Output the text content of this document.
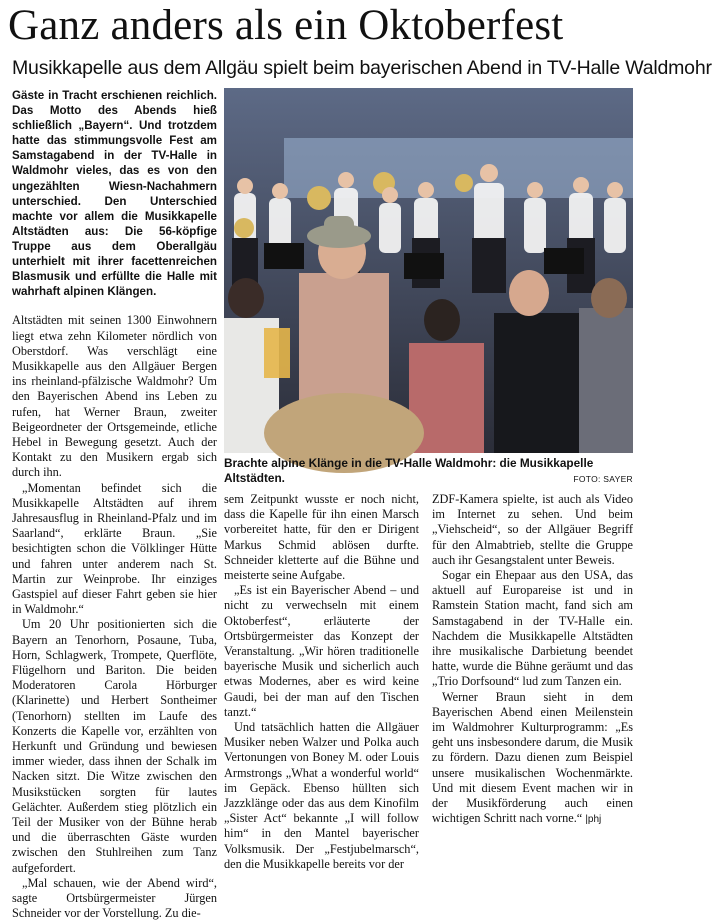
Ganz anders als ein Oktoberfest
Musikkapelle aus dem Allgäu spielt beim bayerischen Abend in TV-Halle Waldmohr

Gäste in Tracht erschienen reichlich. Das Motto des Abends hieß schließlich „Bayern“. Und trotzdem hatte das stimmungsvolle Fest am Samstagabend in der TV-Halle in Waldmohr vieles, das es von den ungezählten Wiesn-Nachahmern unterschied. Den Unterschied machte vor allem die Musikkapelle Altstädten aus: Die 56-köpfige Truppe aus dem Oberallgäu unterhielt mit ihrer facettenreichen Blasmusik und erfüllte die Halle mit wahrhaft alpinen Klängen.

Altstädten mit seinen 1300 Einwohnern liegt etwa zehn Kilometer nördlich von Oberstdorf. Was verschlägt eine Musikkapelle aus den Allgäuer Bergen ins rheinland-pfälzische Waldmohr? Um den Bayerischen Abend ins Leben zu rufen, hat Werner Braun, zweiter Beigeordneter der Ortsgemeinde, etliche Hebel in Bewegung gesetzt. Auch der Kontakt zu den Musikern ergab sich durch ihn.

„Momentan befindet sich die Musikkapelle Altstädten auf ihrem Jahresausflug in Rheinland-Pfalz und im Saarland“, erklärte Braun. „Sie besichtigten schon die Völklinger Hütte und fahren unter anderem nach St. Martin zur Weinprobe. Ihr einziges Gastspiel auf dieser Fahrt geben sie hier in Waldmohr.“

Um 20 Uhr positionierten sich die Bayern an Tenorhorn, Posaune, Tuba, Horn, Schlagwerk, Trompete, Querflöte, Flügelhorn und Bariton. Die beiden Moderatoren Carola Hörburger (Klarinette) und Herbert Sontheimer (Tenorhorn) stellten im Laufe des Konzerts die Kapelle vor, erzählten von Herkunft und Gründung und bewiesen immer wieder, dass ihnen der Schalk im Nacken sitzt. Die Witze zwischen den Musikstücken sorgten für lautes Gelächter. Außerdem stieg plötzlich ein Teil der Musiker von der Bühne herab und die überraschten Gäste wurden zwischen den Stuhlreihen zum Tanz aufgefordert.

„Mal schauen, wie der Abend wird“, sagte Ortsbürgermeister Jürgen Schneider vor der Vorstellung. Zu die-

Brachte alpine Klänge in die TV-Halle Waldmohr: die Musikkapelle Altstädten.	FOTO: SAYER

sem Zeitpunkt wusste er noch nicht, dass die Kapelle für ihn einen Marsch vorbereitet hatte, für den er Dirigent Markus Schmid ablösen durfte. Schneider kletterte auf die Bühne und meisterte seine Aufgabe.

„Es ist ein Bayerischer Abend – und nicht zu verwechseln mit einem Oktoberfest“, erläuterte der Ortsbürgermeister das Konzept der Veranstaltung. „Wir hören traditionelle bayerische Musik und sicherlich auch etwas Modernes, aber es wird keine Gaudi, bei der man auf den Tischen tanzt.“

Und tatsächlich hatten die Allgäuer Musiker neben Walzer und Polka auch Vertonungen von Boney M. oder Louis Armstrongs „What a wonderful world“ im Gepäck. Ebenso hüllten sich Jazzklänge oder das aus dem Kinofilm „Sister Act“ bekannte „I will follow him“ in den Mantel bayerischer Volksmusik. Der „Festjubelmarsch“, den die Musikkapelle bereits vor der

ZDF-Kamera spielte, ist auch als Video im Internet zu sehen. Und beim „Viehscheid“, so der Allgäuer Begriff für den Almabtrieb, stellte die Gruppe auch ihr Gesangstalent unter Beweis.

Sogar ein Ehepaar aus den USA, das aktuell auf Europareise ist und in Ramstein Station macht, fand sich am Samstagabend in der TV-Halle ein. Nachdem die Musikkapelle Altstädten ihre musikalische Darbietung beendet hatte, wurde die Bühne geräumt und das „Trio Dorfsound“ lud zum Tanzen ein.

Werner Braun sieht in dem Bayerischen Abend einen Meilenstein im Waldmohrer Kulturprogramm: „Es geht uns insbesondere darum, die Musik zu fördern. Dazu dienen zum Beispiel unsere musikalischen Wochenmärkte. Und mit diesem Event machen wir in der Musikförderung auch einen wichtigen Schritt nach vorne.“ |phj
